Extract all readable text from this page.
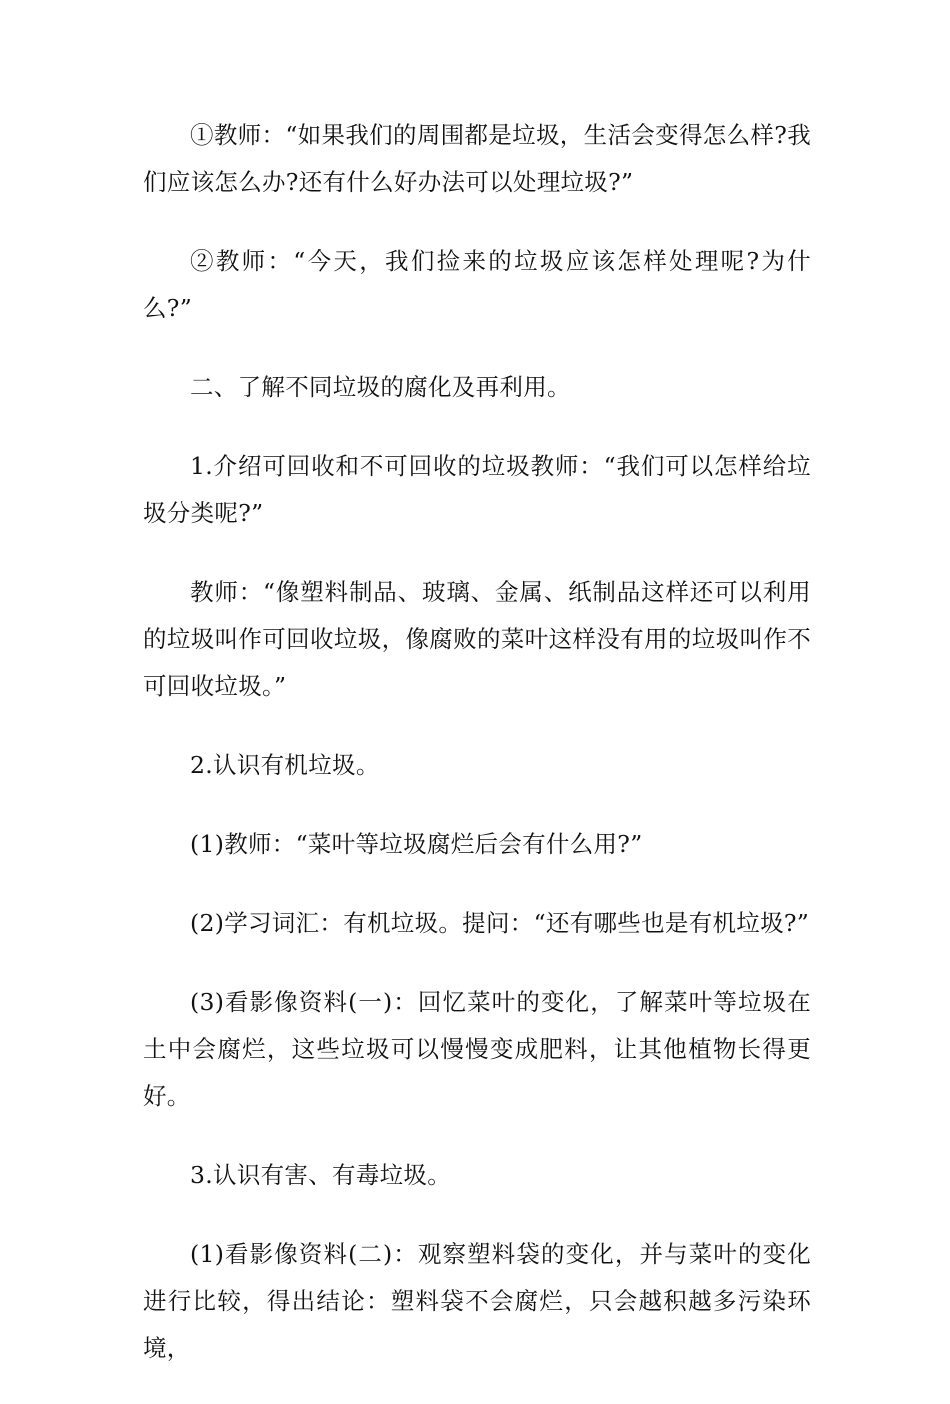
①教师：“如果我们的周围都是垃圾，生活会变得怎么样?我们应该怎么办?还有什么好办法可以处理垃圾?”

②教师：“今天，我们捡来的垃圾应该怎样处理呢?为什么?”

二、了解不同垃圾的腐化及再利用。

1.介绍可回收和不可回收的垃圾教师：“我们可以怎样给垃圾分类呢?”

教师：“像塑料制品、玻璃、金属、纸制品这样还可以利用的垃圾叫作可回收垃圾，像腐败的菜叶这样没有用的垃圾叫作不可回收垃圾。”

2.认识有机垃圾。

(1)教师：“菜叶等垃圾腐烂后会有什么用?”

(2)学习词汇：有机垃圾。提问：“还有哪些也是有机垃圾?”

(3)看影像资料(一)：回忆菜叶的变化，了解菜叶等垃圾在土中会腐烂，这些垃圾可以慢慢变成肥料，让其他植物长得更好。

3.认识有害、有毒垃圾。

(1)看影像资料(二)：观察塑料袋的变化，并与菜叶的变化进行比较，得出结论：塑料袋不会腐烂，只会越积越多污染环境，
